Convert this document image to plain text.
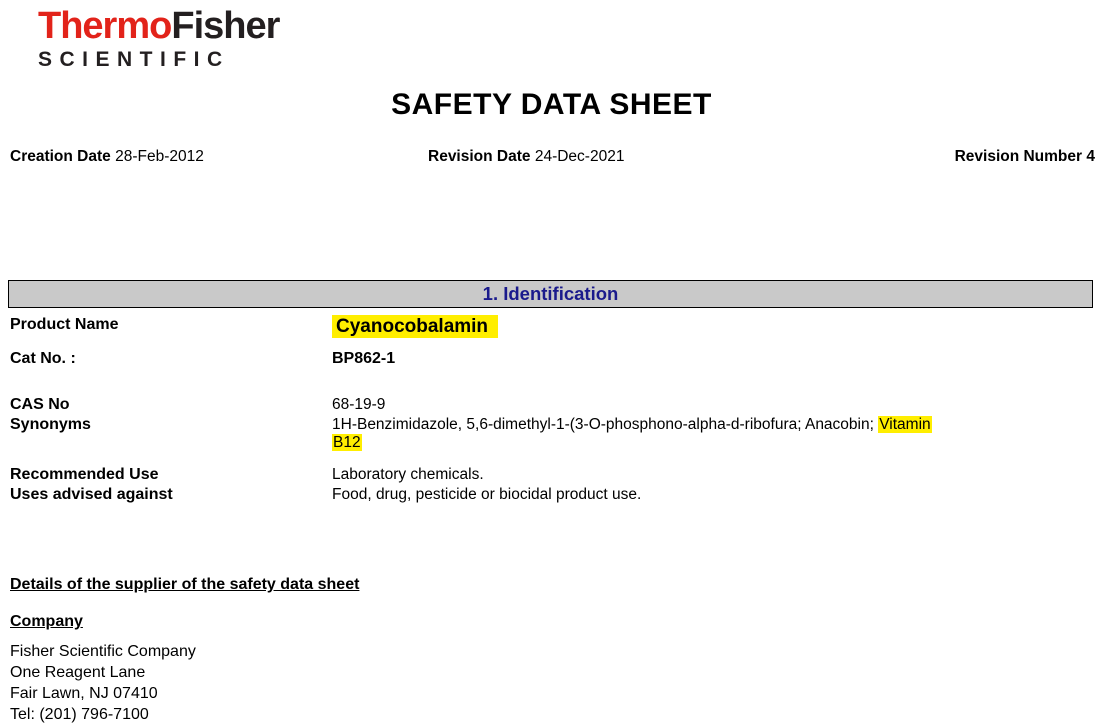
ThermoFisher
SCIENTIFIC
SAFETY DATA SHEET
Creation Date 28-Feb-2012	Revision Date 24-Dec-2021	Revision Number 4
1. Identification
Product Name	Cyanocobalamin
Cat No. :	BP862-1
CAS No	68-19-9
Synonyms	1H-Benzimidazole, 5,6-dimethyl-1-(3-O-phosphono-alpha-d-ribofura; Anacobin; Vitamin
B12
Recommended Use	Laboratory chemicals.
Uses advised against	Food, drug, pesticide or biocidal product use.
Details of the supplier of the safety data sheet
Company
Fisher Scientific Company
One Reagent Lane
Fair Lawn, NJ 07410
Tel: (201) 796-7100
